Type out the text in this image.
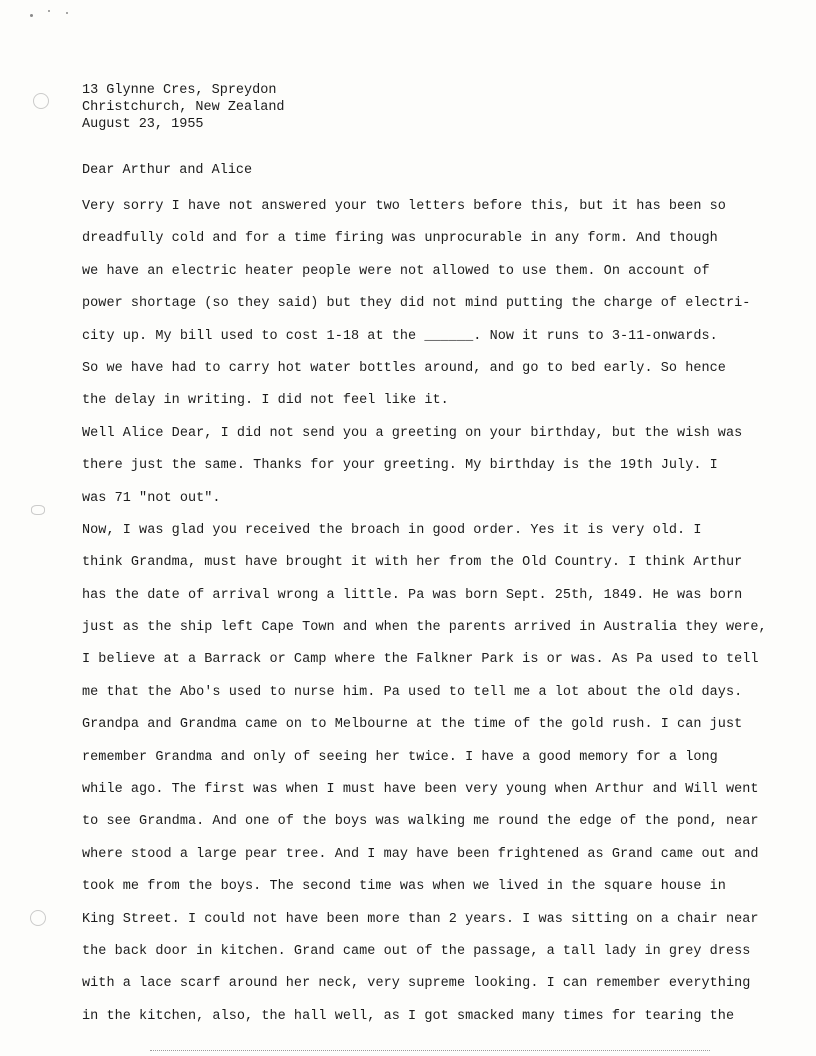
13 Glynne Cres, Spreydon
Christchurch, New Zealand
August 23, 1955
Dear Arthur and Alice
Very sorry I have not answered your two letters before this, but it has been so
dreadfully cold and for a time firing was unprocurable in any form. And though
we have an electric heater people were not allowed to use them. On account of
power shortage (so they said) but they did not mind putting the charge of electri-
city up. My bill used to cost 1-18 at the ______. Now it runs to 3-11-onwards.
So we have had to carry hot water bottles around, and go to bed early. So hence
the delay in writing. I did not feel like it.
Well Alice Dear, I did not send you a greeting on your birthday, but the wish was
there just the same. Thanks for your greeting. My birthday is the 19th July. I
was 71 "not out".
Now, I was glad you received the broach in good order. Yes it is very old. I
think Grandma, must have brought it with her from the Old Country. I think Arthur
has the date of arrival wrong a little. Pa was born Sept. 25th, 1849. He was born
just as the ship left Cape Town and when the parents arrived in Australia they were,
I believe at a Barrack or Camp where the Falkner Park is or was. As Pa used to tell
me that the Abo's used to nurse him. Pa used to tell me a lot about the old days.
Grandpa and Grandma came on to Melbourne at the time of the gold rush. I can just
remember Grandma and only of seeing her twice. I have a good memory for a long
while ago. The first was when I must have been very young when Arthur and Will went
to see Grandma. And one of the boys was walking me round the edge of the pond, near
where stood a large pear tree. And I may have been frightened as Grand came out and
took me from the boys. The second time was when we lived in the square house in
King Street. I could not have been more than 2 years. I was sitting on a chair near
the back door in kitchen. Grand came out of the passage, a tall lady in grey dress
with a lace scarf around her neck, very supreme looking. I can remember everything
in the kitchen, also, the hall well, as I got smacked many times for tearing the
